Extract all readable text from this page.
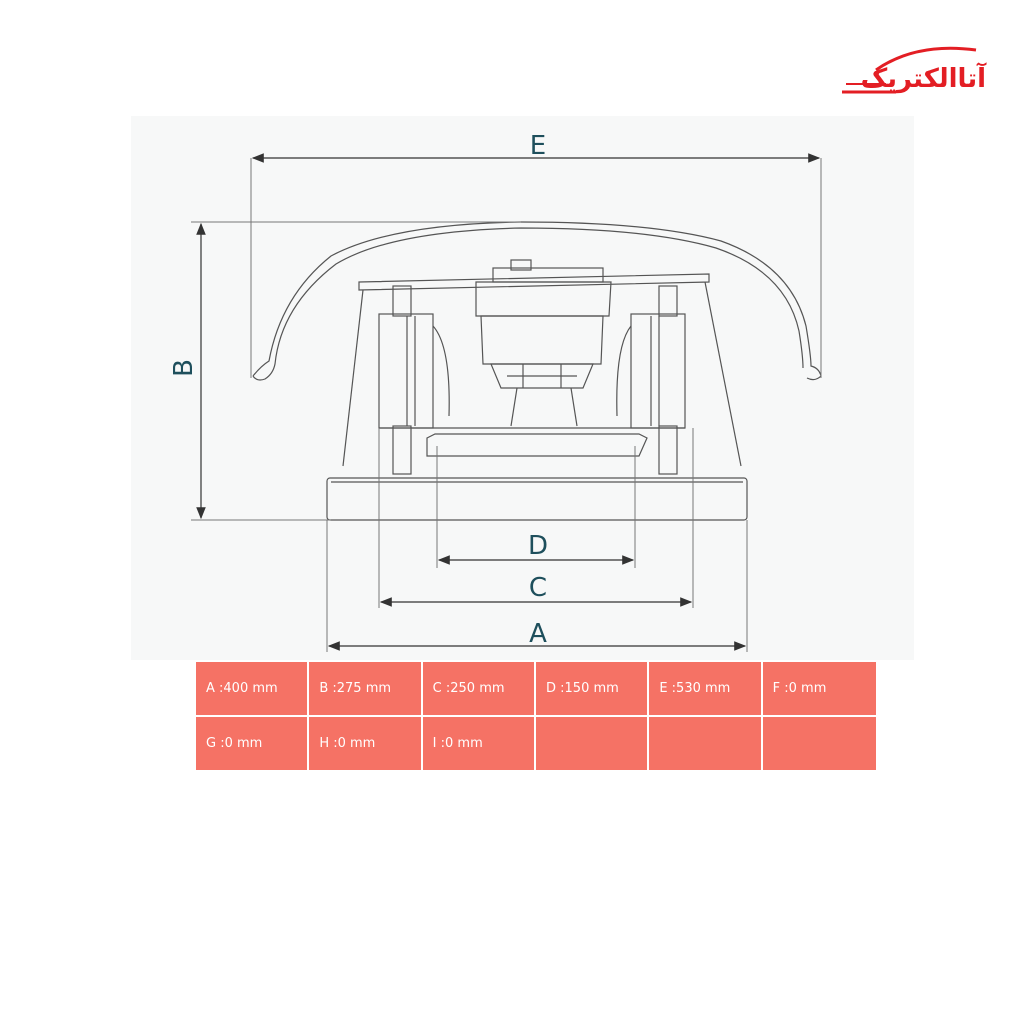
آتاالکتریک
E
B
D
C
A
A :400 mm	B :275 mm	C :250 mm	D :150 mm	E :530 mm	F :0 mm
G :0 mm	H :0 mm	I :0 mm
